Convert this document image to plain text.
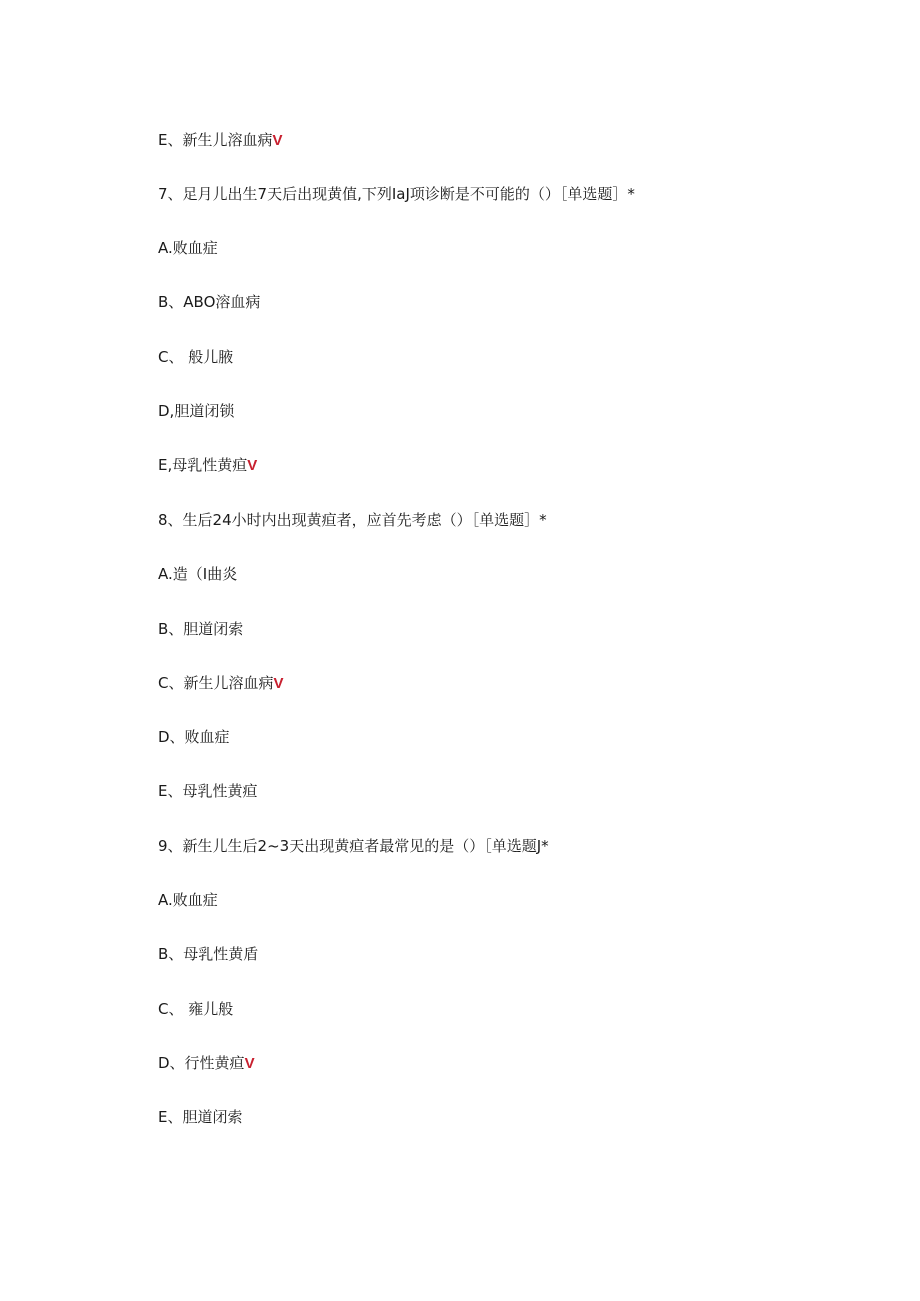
E、新生儿溶血病V
7、足月儿出生7天后出现黄值,下列IaJ项诊断是不可能的（）［单选题］*
A.败血症
B、ABO溶血病
C、 般儿腋
D,胆道闭锁
E,母乳性黄疸V
8、生后24小时内出现黄疸者，应首先考虑（）［单选题］*
A.造（I曲炎
B、胆道闭索
C、新生儿溶血病V
D、败血症
E、母乳性黄疸
9、新生儿生后2~3天出现黄疸者最常见的是（）［单选题J*
A.败血症
B、母乳性黄盾
C、 雍儿般
D、行性黄疸V
E、胆道闭索
